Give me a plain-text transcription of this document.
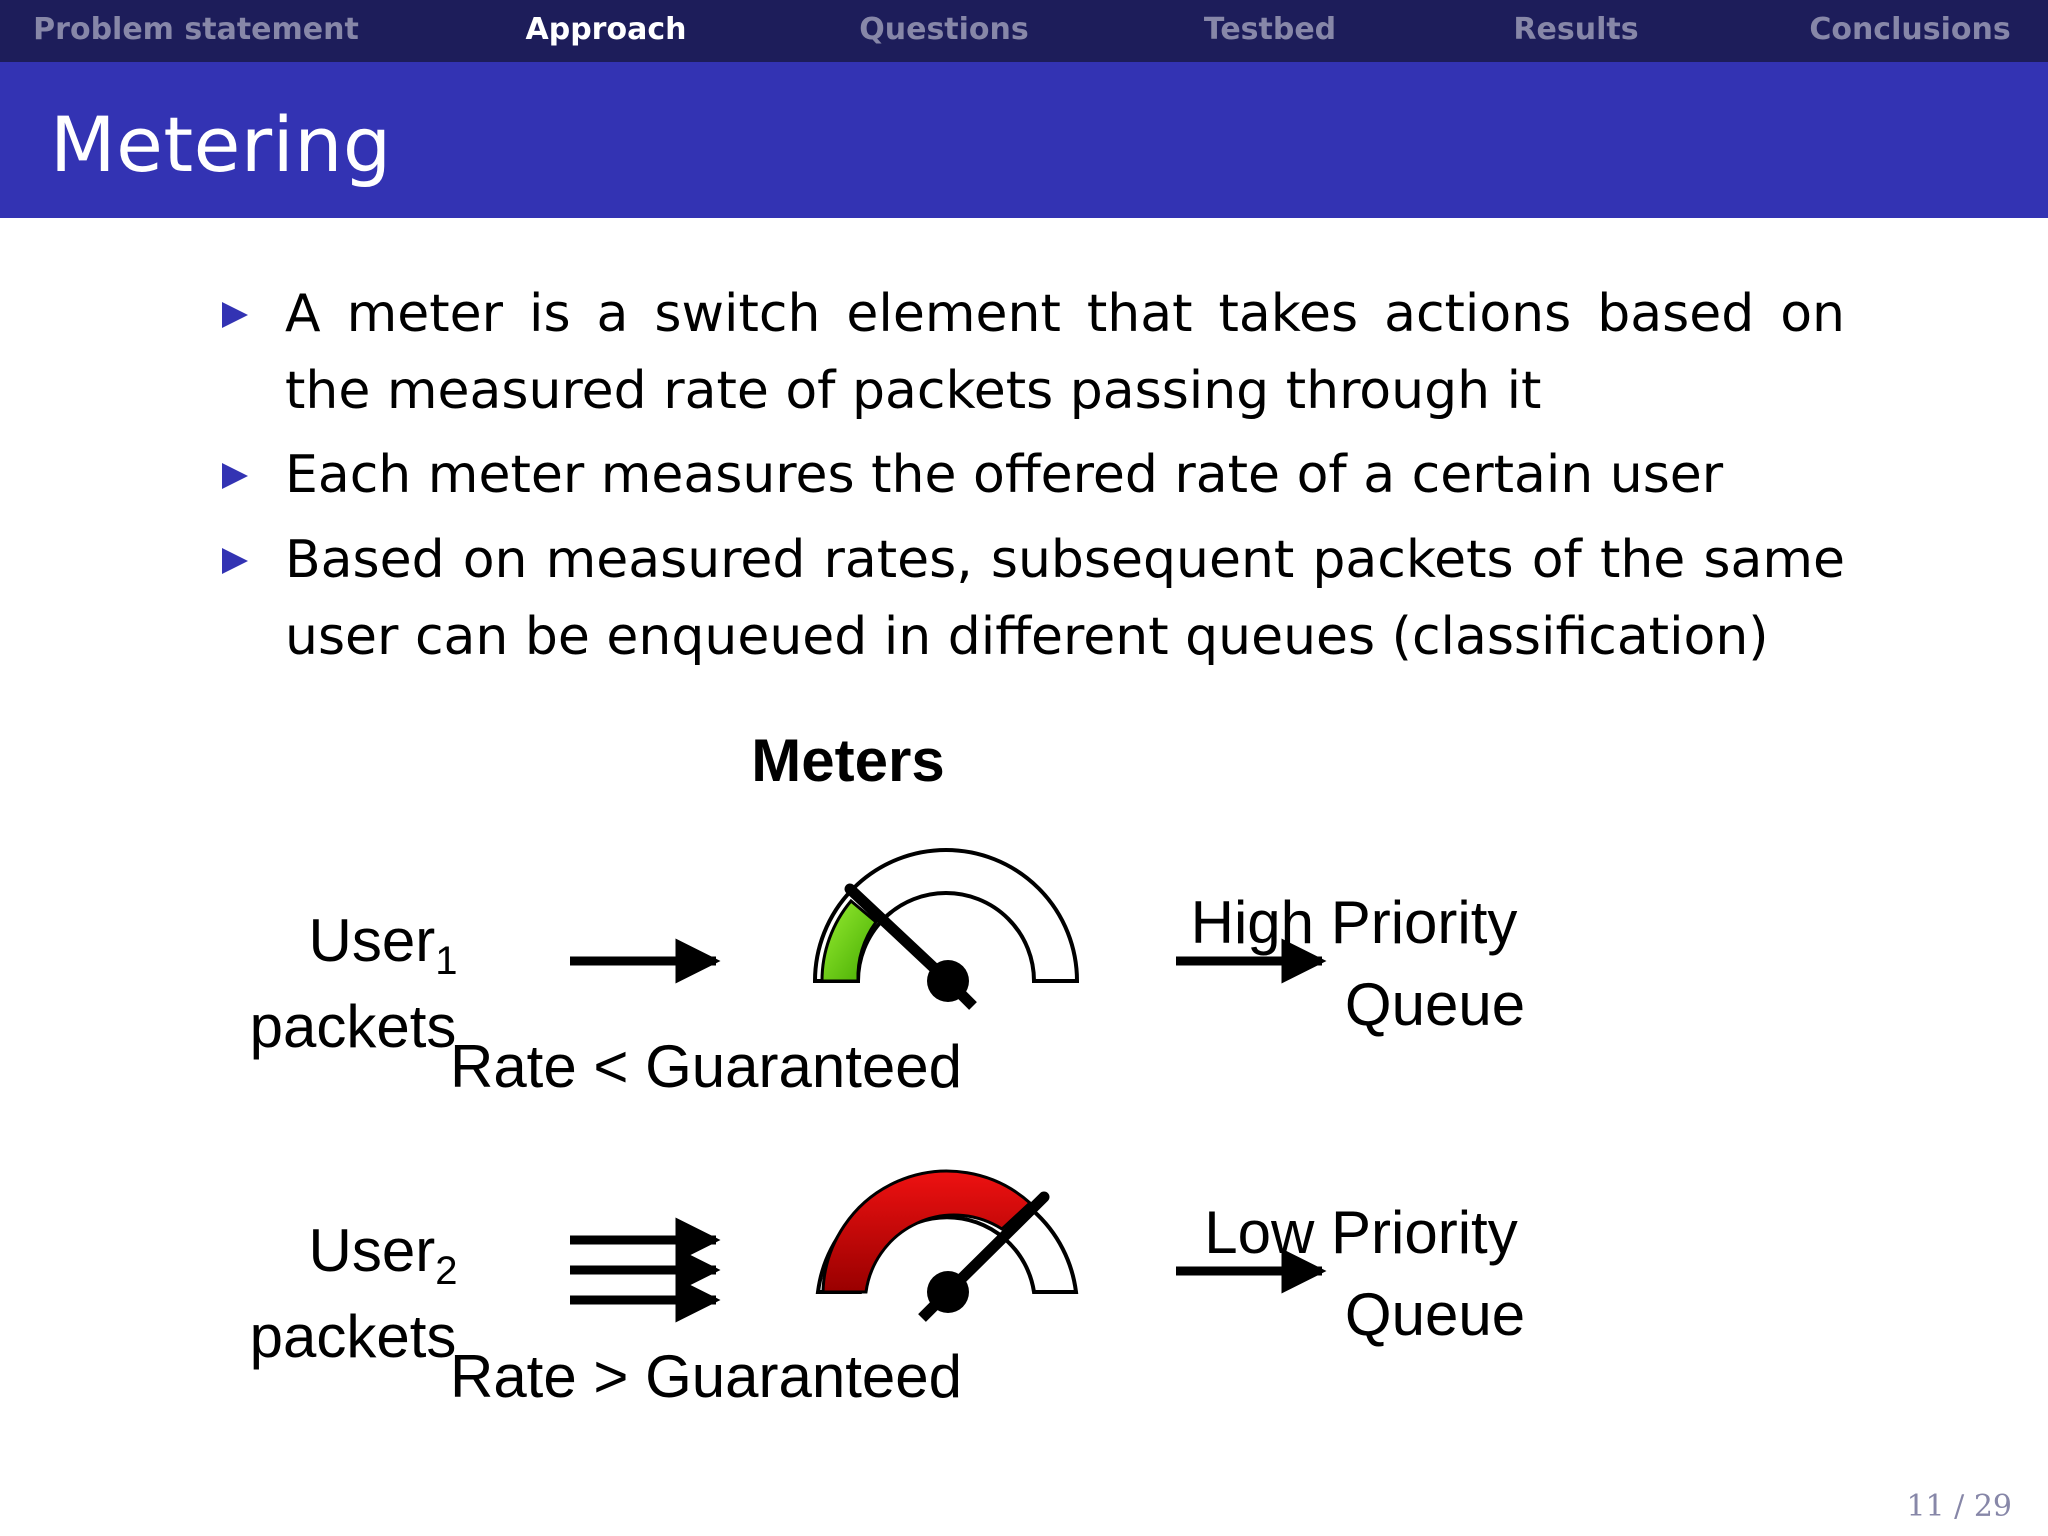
Problem statement	Approach	Questions	Testbed	Results	Conclusions
Metering
A meter is a switch element that takes actions based on the measured rate of packets passing through it
Each meter measures the offered rate of a certain user
Based on measured rates, subsequent packets of the same user can be enqueued in different queues (classification)
Meters
User$_1$
packets
Rate < Guaranteed
High Priority
Queue
User$_2$
packets
Rate > Guaranteed
Low Priority
Queue
11 / 29
